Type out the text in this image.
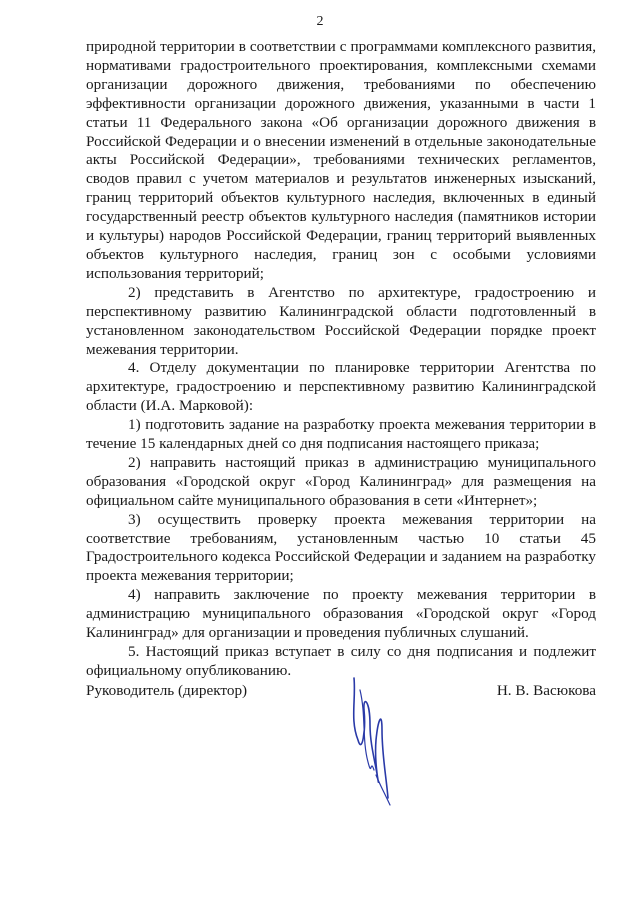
2

природной территории в соответствии с программами комплексного развития, нормативами градостроительного проектирования, комплексными схемами организации дорожного движения, требованиями по обеспечению эффективности организации дорожного движения, указанными в части 1 статьи 11 Федерального закона «Об организации дорожного движения в Российской Федерации и о внесении изменений в отдельные законодательные акты Российской Федерации», требованиями технических регламентов, сводов правил с учетом материалов и результатов инженерных изысканий, границ территорий объектов культурного наследия, включенных в единый государственный реестр объектов культурного наследия (памятников истории и культуры) народов Российской Федерации, границ территорий выявленных объектов культурного наследия, границ зон с особыми условиями использования территорий;

2) представить в Агентство по архитектуре, градостроению и перспективному развитию Калининградской области подготовленный в установленном законодательством Российской Федерации порядке проект межевания территории.

4. Отделу документации по планировке территории Агентства по архитектуре, градостроению и перспективному развитию Калининградской области (И.А. Марковой):

1) подготовить задание на разработку проекта межевания территории в течение 15 календарных дней со дня подписания настоящего приказа;

2) направить настоящий приказ в администрацию муниципального образования «Городской округ «Город Калининград» для размещения на официальном сайте муниципального образования в сети «Интернет»;

3) осуществить проверку проекта межевания территории на соответствие требованиям, установленным частью 10 статьи 45 Градостроительного кодекса Российской Федерации и заданием на разработку проекта межевания территории;

4) направить заключение по проекту межевания территории в администрацию муниципального образования «Городской округ «Город Калининград» для организации и проведения публичных слушаний.

5. Настоящий приказ вступает в силу со дня подписания и подлежит официальному опубликованию.

Руководитель (директор)	Н. В. Васюкова
